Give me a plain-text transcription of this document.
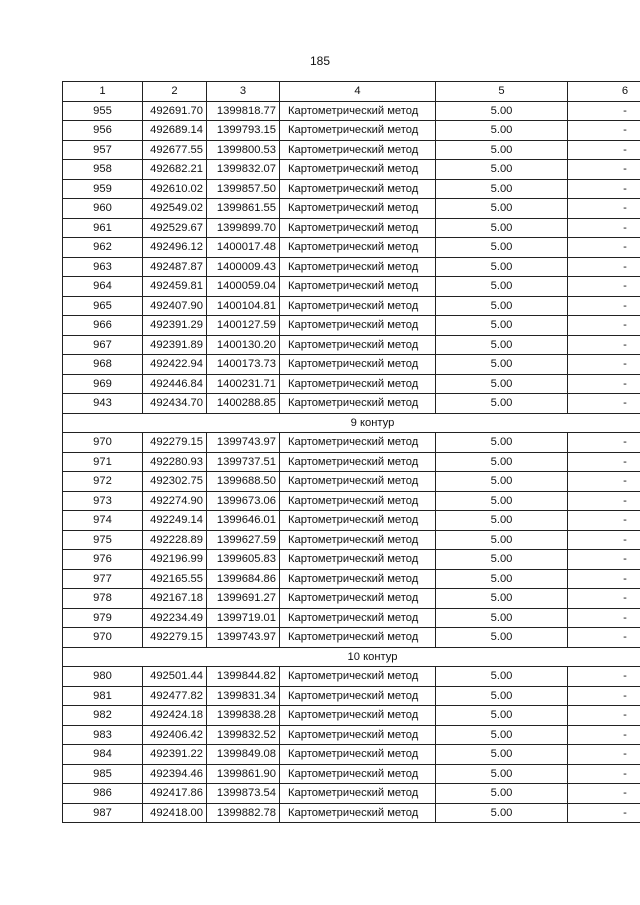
185
1	2	3	4	5	6
955	492691.70	1399818.77	Картометрический метод	5.00	-
956	492689.14	1399793.15	Картометрический метод	5.00	-
957	492677.55	1399800.53	Картометрический метод	5.00	-
958	492682.21	1399832.07	Картометрический метод	5.00	-
959	492610.02	1399857.50	Картометрический метод	5.00	-
960	492549.02	1399861.55	Картометрический метод	5.00	-
961	492529.67	1399899.70	Картометрический метод	5.00	-
962	492496.12	1400017.48	Картометрический метод	5.00	-
963	492487.87	1400009.43	Картометрический метод	5.00	-
964	492459.81	1400059.04	Картометрический метод	5.00	-
965	492407.90	1400104.81	Картометрический метод	5.00	-
966	492391.29	1400127.59	Картометрический метод	5.00	-
967	492391.89	1400130.20	Картометрический метод	5.00	-
968	492422.94	1400173.73	Картометрический метод	5.00	-
969	492446.84	1400231.71	Картометрический метод	5.00	-
943	492434.70	1400288.85	Картометрический метод	5.00	-
9 контур					
970	492279.15	1399743.97	Картометрический метод	5.00	-
971	492280.93	1399737.51	Картометрический метод	5.00	-
972	492302.75	1399688.50	Картометрический метод	5.00	-
973	492274.90	1399673.06	Картометрический метод	5.00	-
974	492249.14	1399646.01	Картометрический метод	5.00	-
975	492228.89	1399627.59	Картометрический метод	5.00	-
976	492196.99	1399605.83	Картометрический метод	5.00	-
977	492165.55	1399684.86	Картометрический метод	5.00	-
978	492167.18	1399691.27	Картометрический метод	5.00	-
979	492234.49	1399719.01	Картометрический метод	5.00	-
970	492279.15	1399743.97	Картометрический метод	5.00	-
10 контур					
980	492501.44	1399844.82	Картометрический метод	5.00	-
981	492477.82	1399831.34	Картометрический метод	5.00	-
982	492424.18	1399838.28	Картометрический метод	5.00	-
983	492406.42	1399832.52	Картометрический метод	5.00	-
984	492391.22	1399849.08	Картометрический метод	5.00	-
985	492394.46	1399861.90	Картометрический метод	5.00	-
986	492417.86	1399873.54	Картометрический метод	5.00	-
987	492418.00	1399882.78	Картометрический метод	5.00	-
